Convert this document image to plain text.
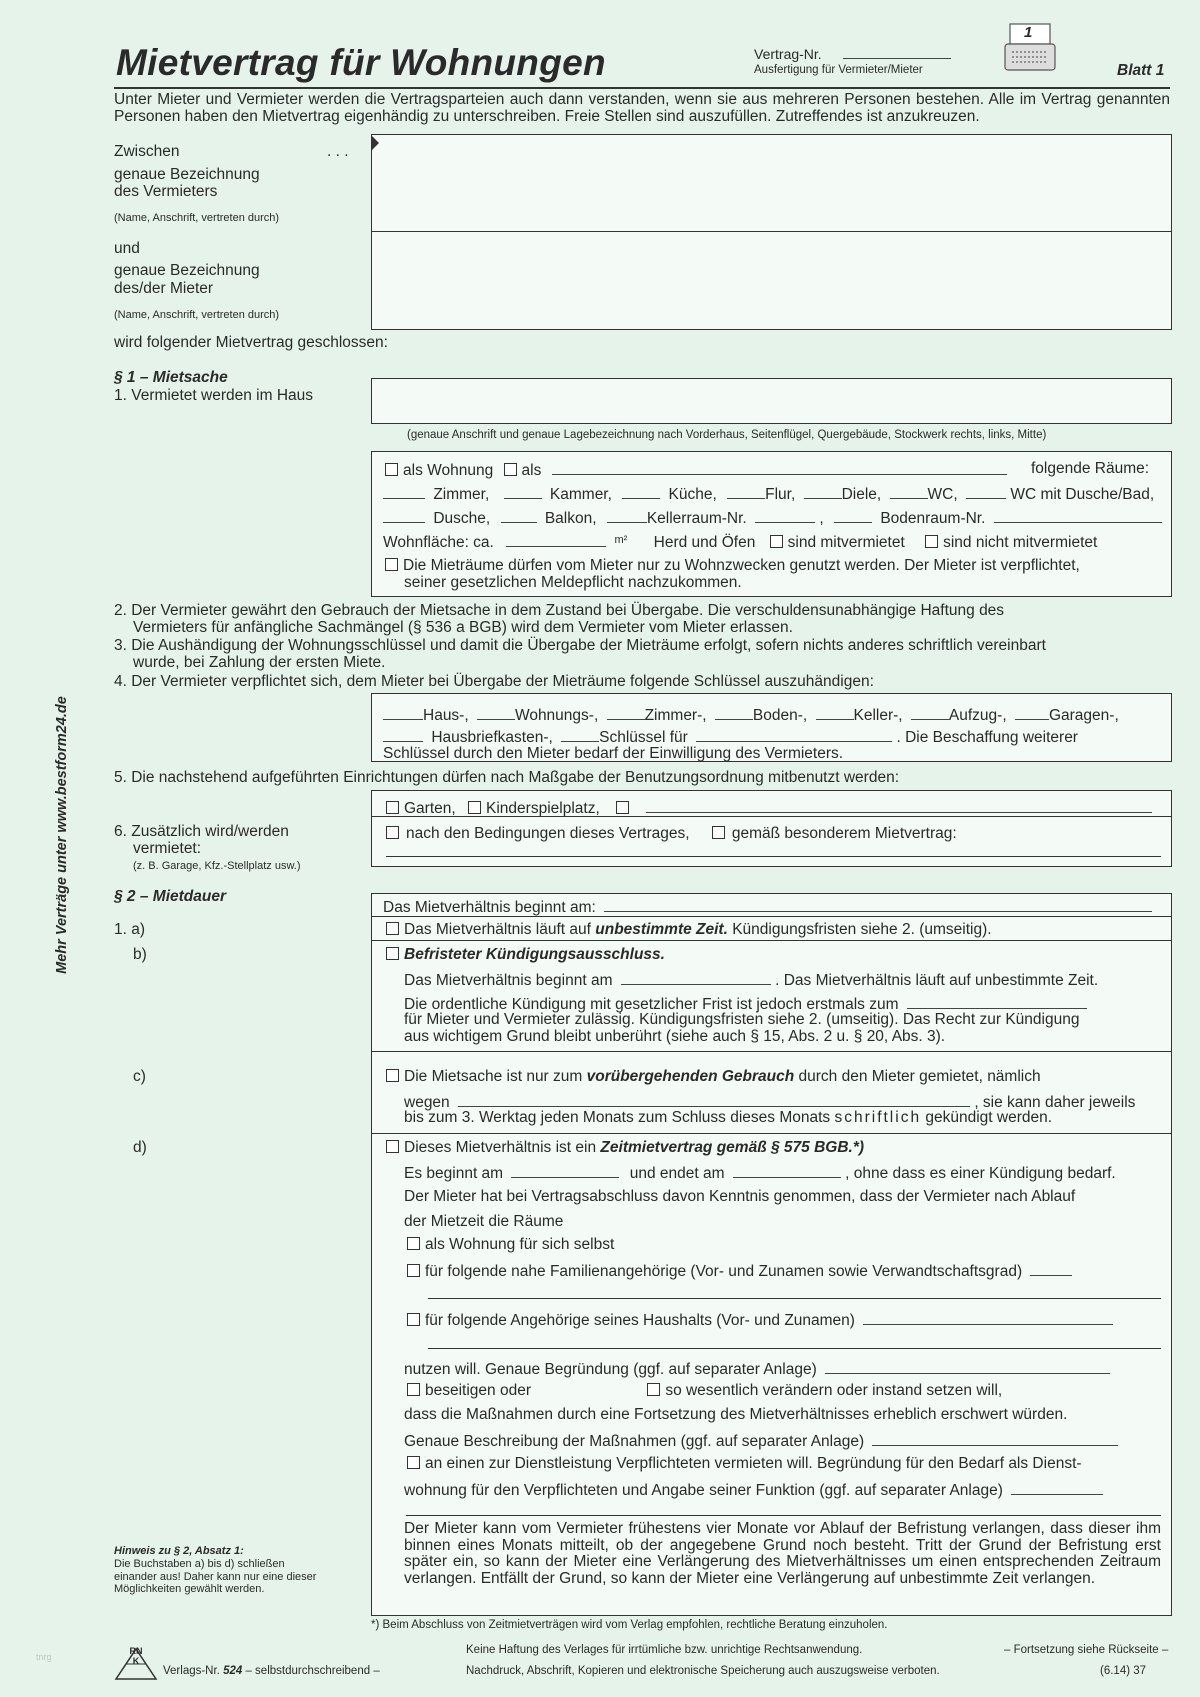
Mietvertrag für Wohnungen	Vertrag-Nr.
Ausfertigung für Vermieter/Mieter
1
Blatt 1
Unter Mieter und Vermieter werden die Vertragsparteien auch dann verstanden, wenn sie aus mehreren Personen bestehen. Alle im Vertrag genannten Personen haben den Mietvertrag eigenhändig zu unterschreiben. Freie Stellen sind auszufüllen. Zutreffendes ist anzukreuzen.
Zwischen	. . .
genaue Bezeichnung
des Vermieters
(Name, Anschrift, vertreten durch)
und
genaue Bezeichnung
des/der Mieter
(Name, Anschrift, vertreten durch)
wird folgender Mietvertrag geschlossen:
§ 1 – Mietsache
1. Vermietet werden im Haus
(genaue Anschrift und genaue Lagebezeichnung nach Vorderhaus, Seitenflügel, Quergebäude, Stockwerk rechts, links, Mitte)
als Wohnung als	folgende Räume:
Zimmer,	Kammer,	Küche,	Flur,	Diele,	WC,	WC mit Dusche/Bad,
Dusche,	Balkon,	Kellerraum-Nr.	,	Bodenraum-Nr.
Wohnfläche: ca.	$^{m^2}$ Herd und Öfen sind mitvermietet sind nicht mitvermietet
Die Mieträume dürfen vom Mieter nur zu Wohnzwecken genutzt werden. Der Mieter ist verpflichtet,
seiner gesetzlichen Meldepflicht nachzukommen.
2. Der Vermieter gewährt den Gebrauch der Mietsache in dem Zustand bei Übergabe. Die verschuldensunabhängige Haftung des
Vermieters für anfängliche Sachmängel (§ 536 a BGB) wird dem Vermieter vom Mieter erlassen.
3. Die Aushändigung der Wohnungsschlüssel und damit die Übergabe der Mieträume erfolgt, sofern nichts anderes schriftlich vereinbart
wurde, bei Zahlung der ersten Miete.
4. Der Vermieter verpflichtet sich, dem Mieter bei Übergabe der Mieträume folgende Schlüssel auszuhändigen:
Haus-,	Wohnungs-,	Zimmer-,	Boden-,	Keller-,	Aufzug-,	Garagen-,
Hausbriefkasten-,	Schlüssel für	. Die Beschaffung weiterer
Schlüssel durch den Mieter bedarf der Einwilligung des Vermieters.
5. Die nachstehend aufgeführten Einrichtungen dürfen nach Maßgabe der Benutzungsordnung mitbenutzt werden:
Garten, Kinderspielplatz,
6. Zusätzlich wird/werden
vermietet:
(z. B. Garage, Kfz.-Stellplatz usw.)
nach den Bedingungen dieses Vertrages,	gemäß besonderem Mietvertrag:
§ 2 – Mietdauer
Das Mietverhältnis beginnt am:
1. a)
b)
c)
d)
Das Mietverhältnis läuft auf unbestimmte Zeit. Kündigungsfristen siehe 2. (umseitig).
Befristeter Kündigungsausschluss.
Das Mietverhältnis beginnt am	. Das Mietverhältnis läuft auf unbestimmte Zeit.
Die ordentliche Kündigung mit gesetzlicher Frist ist jedoch erstmals zum
für Mieter und Vermieter zulässig. Kündigungsfristen siehe 2. (umseitig). Das Recht zur Kündigung
aus wichtigem Grund bleibt unberührt (siehe auch § 15, Abs. 2 u. § 20, Abs. 3).
Die Mietsache ist nur zum vorübergehenden Gebrauch durch den Mieter gemietet, nämlich
wegen	, sie kann daher jeweils
bis zum 3. Werktag jeden Monats zum Schluss dieses Monats schriftlich gekündigt werden.
Dieses Mietverhältnis ist ein Zeitmietvertrag gemäß § 575 BGB.*)
Es beginnt am	und endet am	, ohne dass es einer Kündigung bedarf.
Der Mieter hat bei Vertragsabschluss davon Kenntnis genommen, dass der Vermieter nach Ablauf
der Mietzeit die Räume
als Wohnung für sich selbst
für folgende nahe Familienangehörige (Vor- und Zunamen sowie Verwandtschaftsgrad)
für folgende Angehörige seines Haushalts (Vor- und Zunamen)
nutzen will. Genaue Begründung (ggf. auf separater Anlage)
beseitigen oder	so wesentlich verändern oder instand setzen will,
dass die Maßnahmen durch eine Fortsetzung des Mietverhältnisses erheblich erschwert würden.
Genaue Beschreibung der Maßnahmen (ggf. auf separater Anlage)
an einen zur Dienstleistung Verpflichteten vermieten will. Begründung für den Bedarf als Dienst-
wohnung für den Verpflichteten und Angabe seiner Funktion (ggf. auf separater Anlage)
Der Mieter kann vom Vermieter frühestens vier Monate vor Ablauf der Befristung verlangen, dass dieser ihm binnen eines Monats mitteilt, ob der angegebene Grund noch besteht. Tritt der Grund der Befristung erst später ein, so kann der Mieter eine Verlängerung des Mietverhältnisses um einen entsprechenden Zeitraum verlangen. Entfällt der Grund, so kann der Mieter eine Verlängerung auf unbestimmte Zeit verlangen.
Mehr Verträge unter www.bestform24.de
Hinweis zu § 2, Absatz 1:
Die Buchstaben a) bis d) schließen einander aus! Daher kann nur eine dieser Möglichkeiten gewählt werden.
*) Beim Abschluss von Zeitmietverträgen wird vom Verlag empfohlen, rechtliche Beratung einzuholen.
Keine Haftung des Verlages für irrtümliche bzw. unrichtige Rechtsanwendung.	– Fortsetzung siehe Rückseite –
Nachdruck, Abschrift, Kopieren und elektronische Speicherung auch auszugsweise verboten.	(6.14) 37
RNK
Verlags-Nr. 524 – selbstdurchschreibend –
tnrg
